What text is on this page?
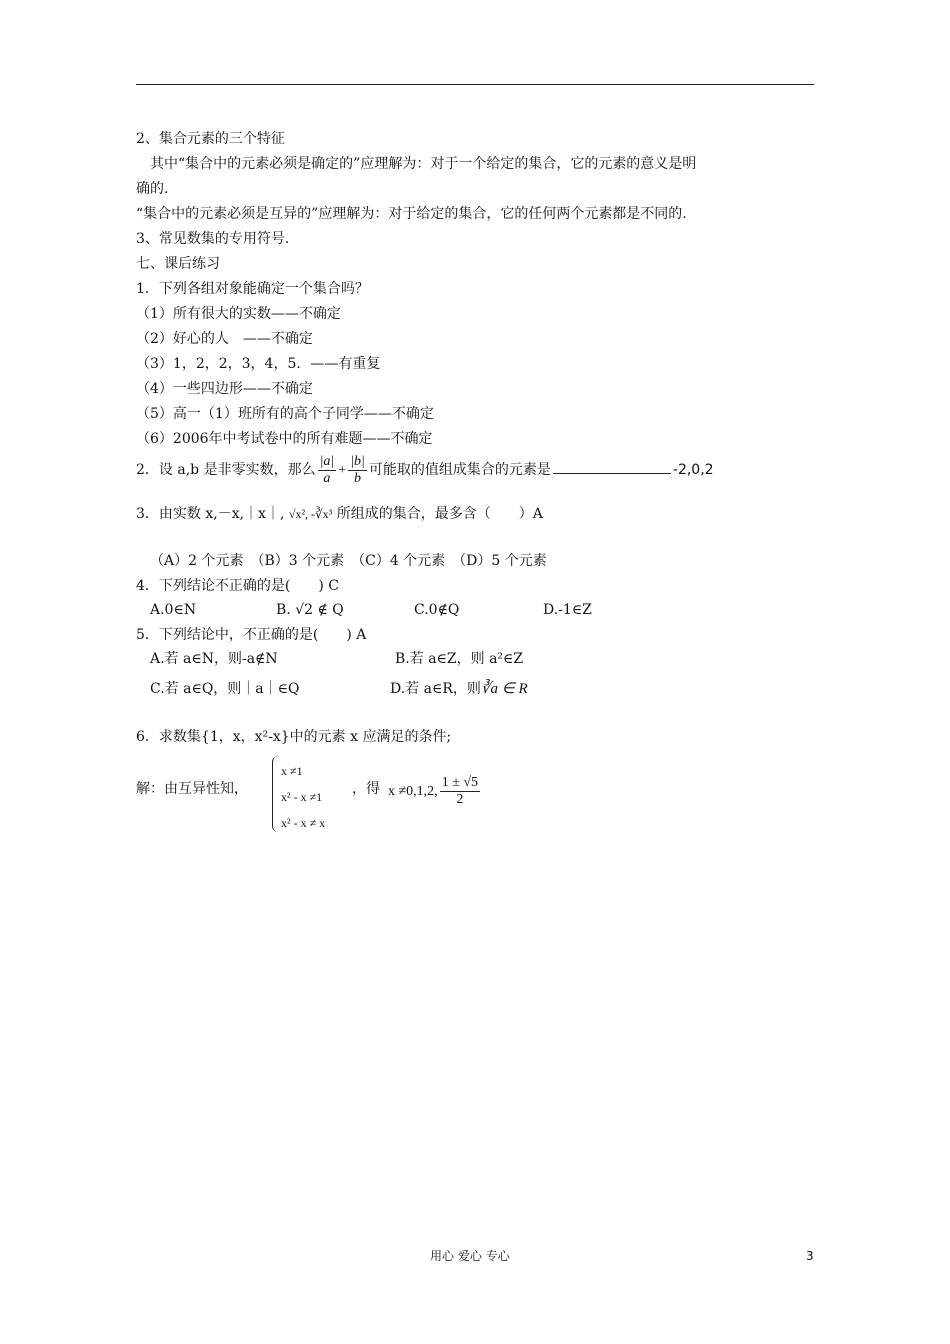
2、集合元素的三个特征
其中“集合中的元素必须是确定的”应理解为：对于一个给定的集合，它的元素的意义是明
确的.
“集合中的元素必须是互异的”应理解为：对于给定的集合，它的任何两个元素都是不同的.
3、常见数集的专用符号.
七、课后练习
1．下列各组对象能确定一个集合吗？
（1）所有很大的实数——不确定
（2）好心的人　——不确定
（3）1，2，2，3，4，5．——有重复
（4）一些四边形——不确定
（5）高一（1）班所有的高个子同学——不确定
（6）2006年中考试卷中的所有难题——不确定
2．设 a,b 是非零实数，那么 $\frac{|a|}{a} + \frac{|b|}{b}$ 可能取的值组成集合的元素是	-2,0,2
3．由实数 x,－x,｜x｜, √x², -∛x³ 所组成的集合，最多含（　　）A
（A）2 个元素　（B）3 个元素　（C）4 个元素　（D）5 个元素
4．下列结论不正确的是(　　) C
A.0∈N	B. √2 ∉ Q	C.0∉Q	D.-1∈Z
5．下列结论中，不正确的是(　　) A
A.若 a∈N，则-a∉N	B.若 a∈Z，则 a²∈Z
C.若 a∈Q，则｜a｜∈Q	D.若 a∈R，则∛a ∈ R
6．求数集{1，x，x²-x}中的元素 x 应满足的条件;
解：由互异性知，
x ≠1
x² - x ≠1
x² - x ≠ x
，得 x ≠0,1,2, $\frac{1 \pm √5}{2}$
用心 爱心 专心	3
